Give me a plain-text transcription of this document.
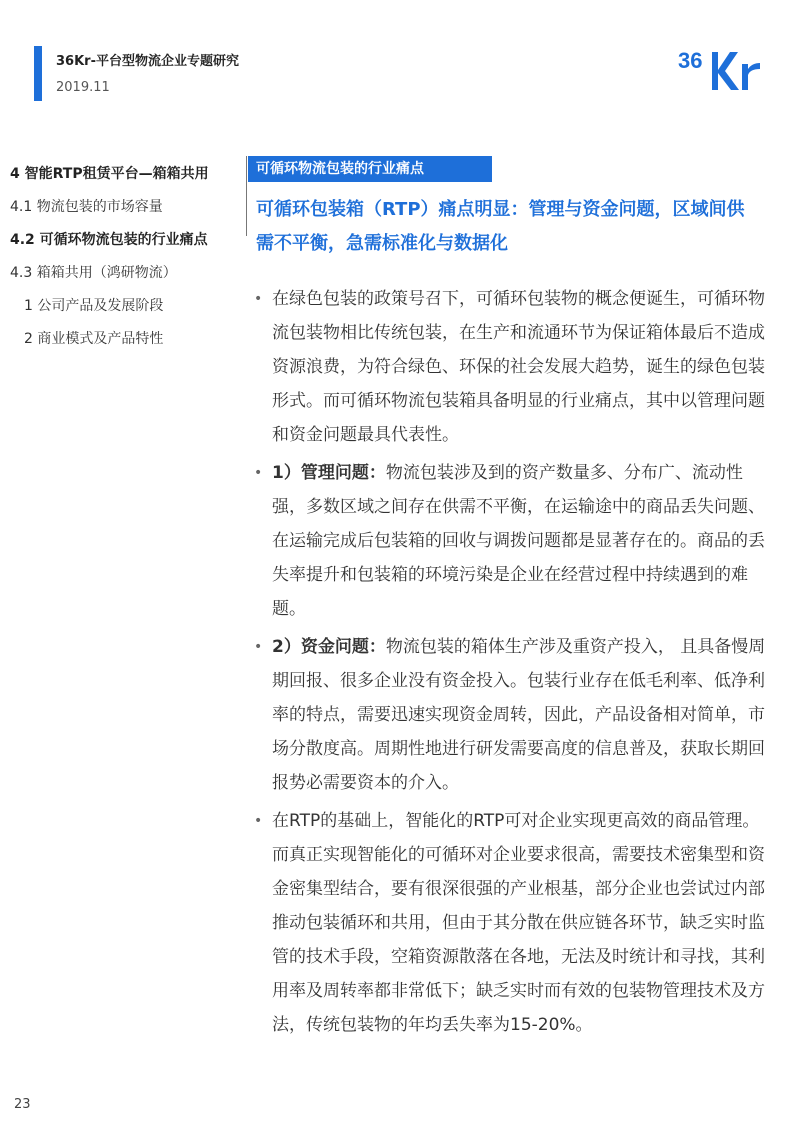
36Kr-平台型物流企业专题研究
2019.11
36
4 智能RTP租赁平台—箱箱共用
4.1 物流包装的市场容量
4.2 可循环物流包装的行业痛点
4.3 箱箱共用（鸿研物流）
1 公司产品及发展阶段
2 商业模式及产品特性
可循环物流包装的行业痛点
可循环包装箱（RTP）痛点明显：管理与资金问题，区域间供需不平衡，急需标准化与数据化
• 在绿色包装的政策号召下，可循环包装物的概念便诞生，可循环物流包装物相比传统包装，在生产和流通环节为保证箱体最后不造成资源浪费，为符合绿色、环保的社会发展大趋势，诞生的绿色包装形式。而可循环物流包装箱具备明显的行业痛点，其中以管理问题和资金问题最具代表性。
• 1）管理问题：物流包装涉及到的资产数量多、分布广、流动性强，多数区域之间存在供需不平衡，在运输途中的商品丢失问题、在运输完成后包装箱的回收与调拨问题都是显著存在的。商品的丢失率提升和包装箱的环境污染是企业在经营过程中持续遇到的难题。
• 2）资金问题：物流包装的箱体生产涉及重资产投入， 且具备慢周期回报、很多企业没有资金投入。包装行业存在低毛利率、低净利率的特点，需要迅速实现资金周转，因此，产品设备相对简单，市场分散度高。周期性地进行研发需要高度的信息普及，获取长期回报势必需要资本的介入。
• 在RTP的基础上，智能化的RTP可对企业实现更高效的商品管理。而真正实现智能化的可循环对企业要求很高，需要技术密集型和资金密集型结合，要有很深很强的产业根基，部分企业也尝试过内部推动包装循环和共用，但由于其分散在供应链各环节，缺乏实时监管的技术手段，空箱资源散落在各地，无法及时统计和寻找，其利用率及周转率都非常低下；缺乏实时而有效的包装物管理技术及方法，传统包装物的年均丢失率为15-20%。
23
